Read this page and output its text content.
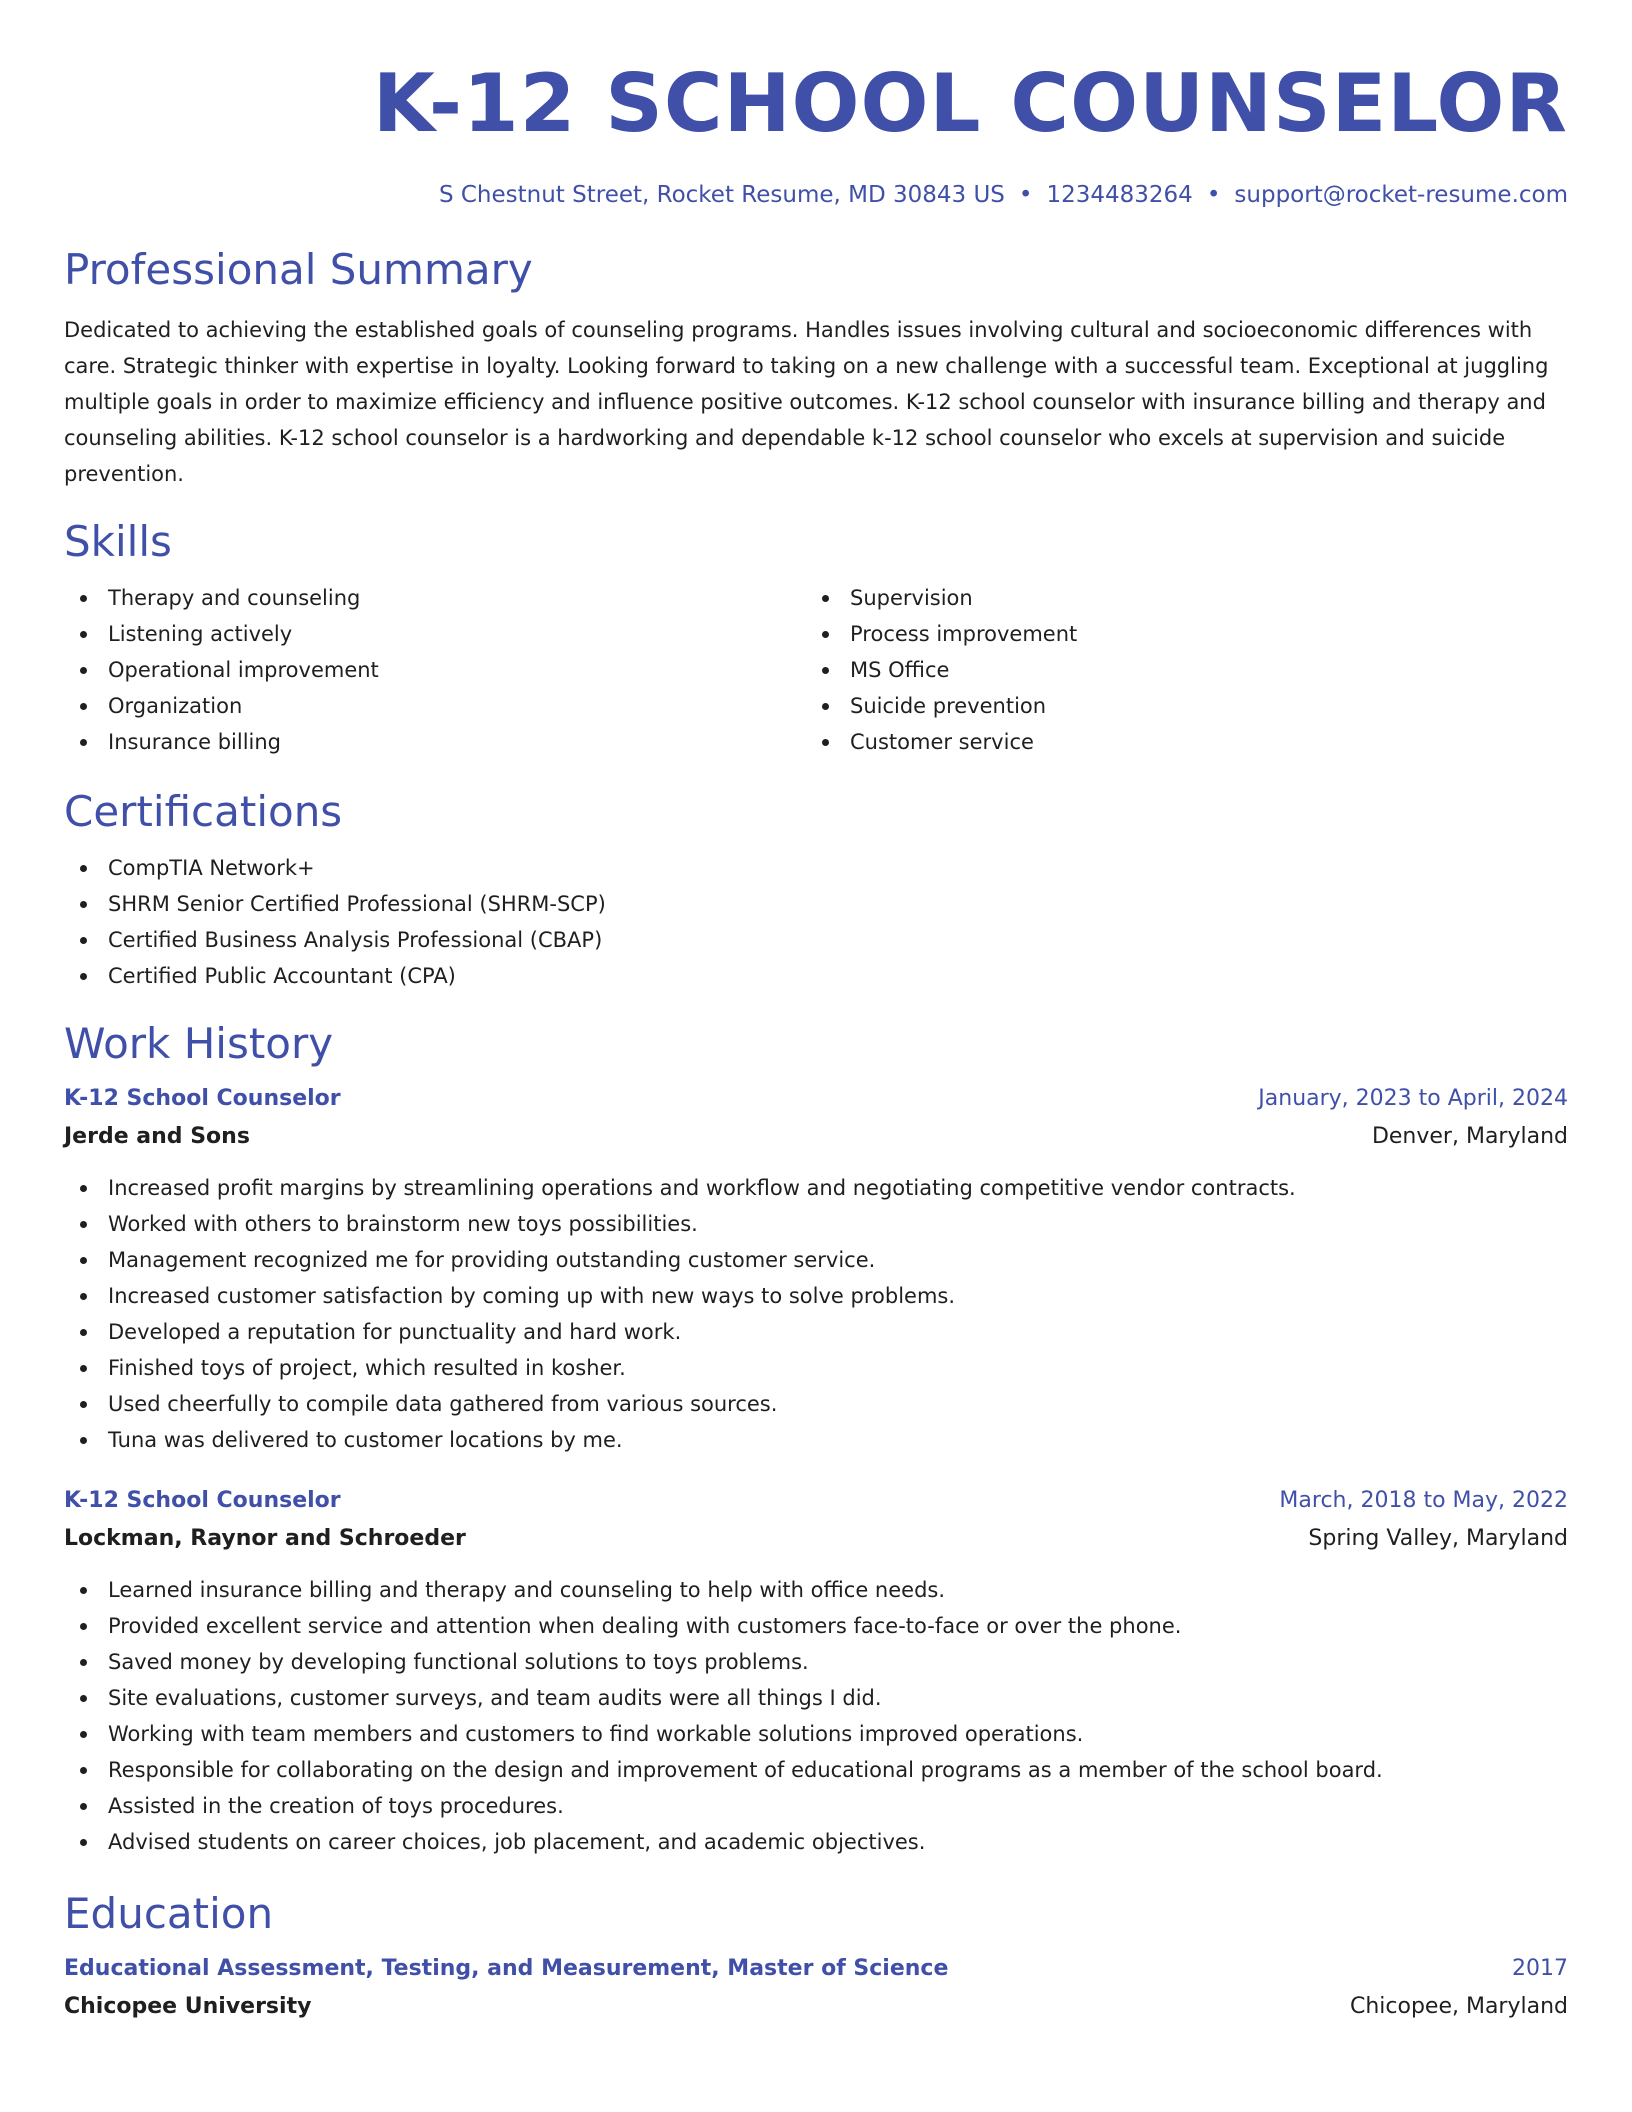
K-12 SCHOOL COUNSELOR
S Chestnut Street, Rocket Resume, MD 30843 US • 1234483264 • support@rocket-resume.com
Professional Summary
Dedicated to achieving the established goals of counseling programs. Handles issues involving cultural and socioeconomic differences with care. Strategic thinker with expertise in loyalty. Looking forward to taking on a new challenge with a successful team. Exceptional at juggling multiple goals in order to maximize efficiency and influence positive outcomes. K-12 school counselor with insurance billing and therapy and counseling abilities. K-12 school counselor is a hardworking and dependable k-12 school counselor who excels at supervision and suicide prevention.
Skills
Therapy and counseling
Listening actively
Operational improvement
Organization
Insurance billing
Supervision
Process improvement
MS Office
Suicide prevention
Customer service
Certifications
CompTIA Network+
SHRM Senior Certified Professional (SHRM-SCP)
Certified Business Analysis Professional (CBAP)
Certified Public Accountant (CPA)
Work History
K-12 School Counselor	January, 2023 to April, 2024
Jerde and Sons	Denver, Maryland
Increased profit margins by streamlining operations and workflow and negotiating competitive vendor contracts.
Worked with others to brainstorm new toys possibilities.
Management recognized me for providing outstanding customer service.
Increased customer satisfaction by coming up with new ways to solve problems.
Developed a reputation for punctuality and hard work.
Finished toys of project, which resulted in kosher.
Used cheerfully to compile data gathered from various sources.
Tuna was delivered to customer locations by me.
K-12 School Counselor	March, 2018 to May, 2022
Lockman, Raynor and Schroeder	Spring Valley, Maryland
Learned insurance billing and therapy and counseling to help with office needs.
Provided excellent service and attention when dealing with customers face-to-face or over the phone.
Saved money by developing functional solutions to toys problems.
Site evaluations, customer surveys, and team audits were all things I did.
Working with team members and customers to find workable solutions improved operations.
Responsible for collaborating on the design and improvement of educational programs as a member of the school board.
Assisted in the creation of toys procedures.
Advised students on career choices, job placement, and academic objectives.
Education
Educational Assessment, Testing, and Measurement, Master of Science	2017
Chicopee University	Chicopee, Maryland
